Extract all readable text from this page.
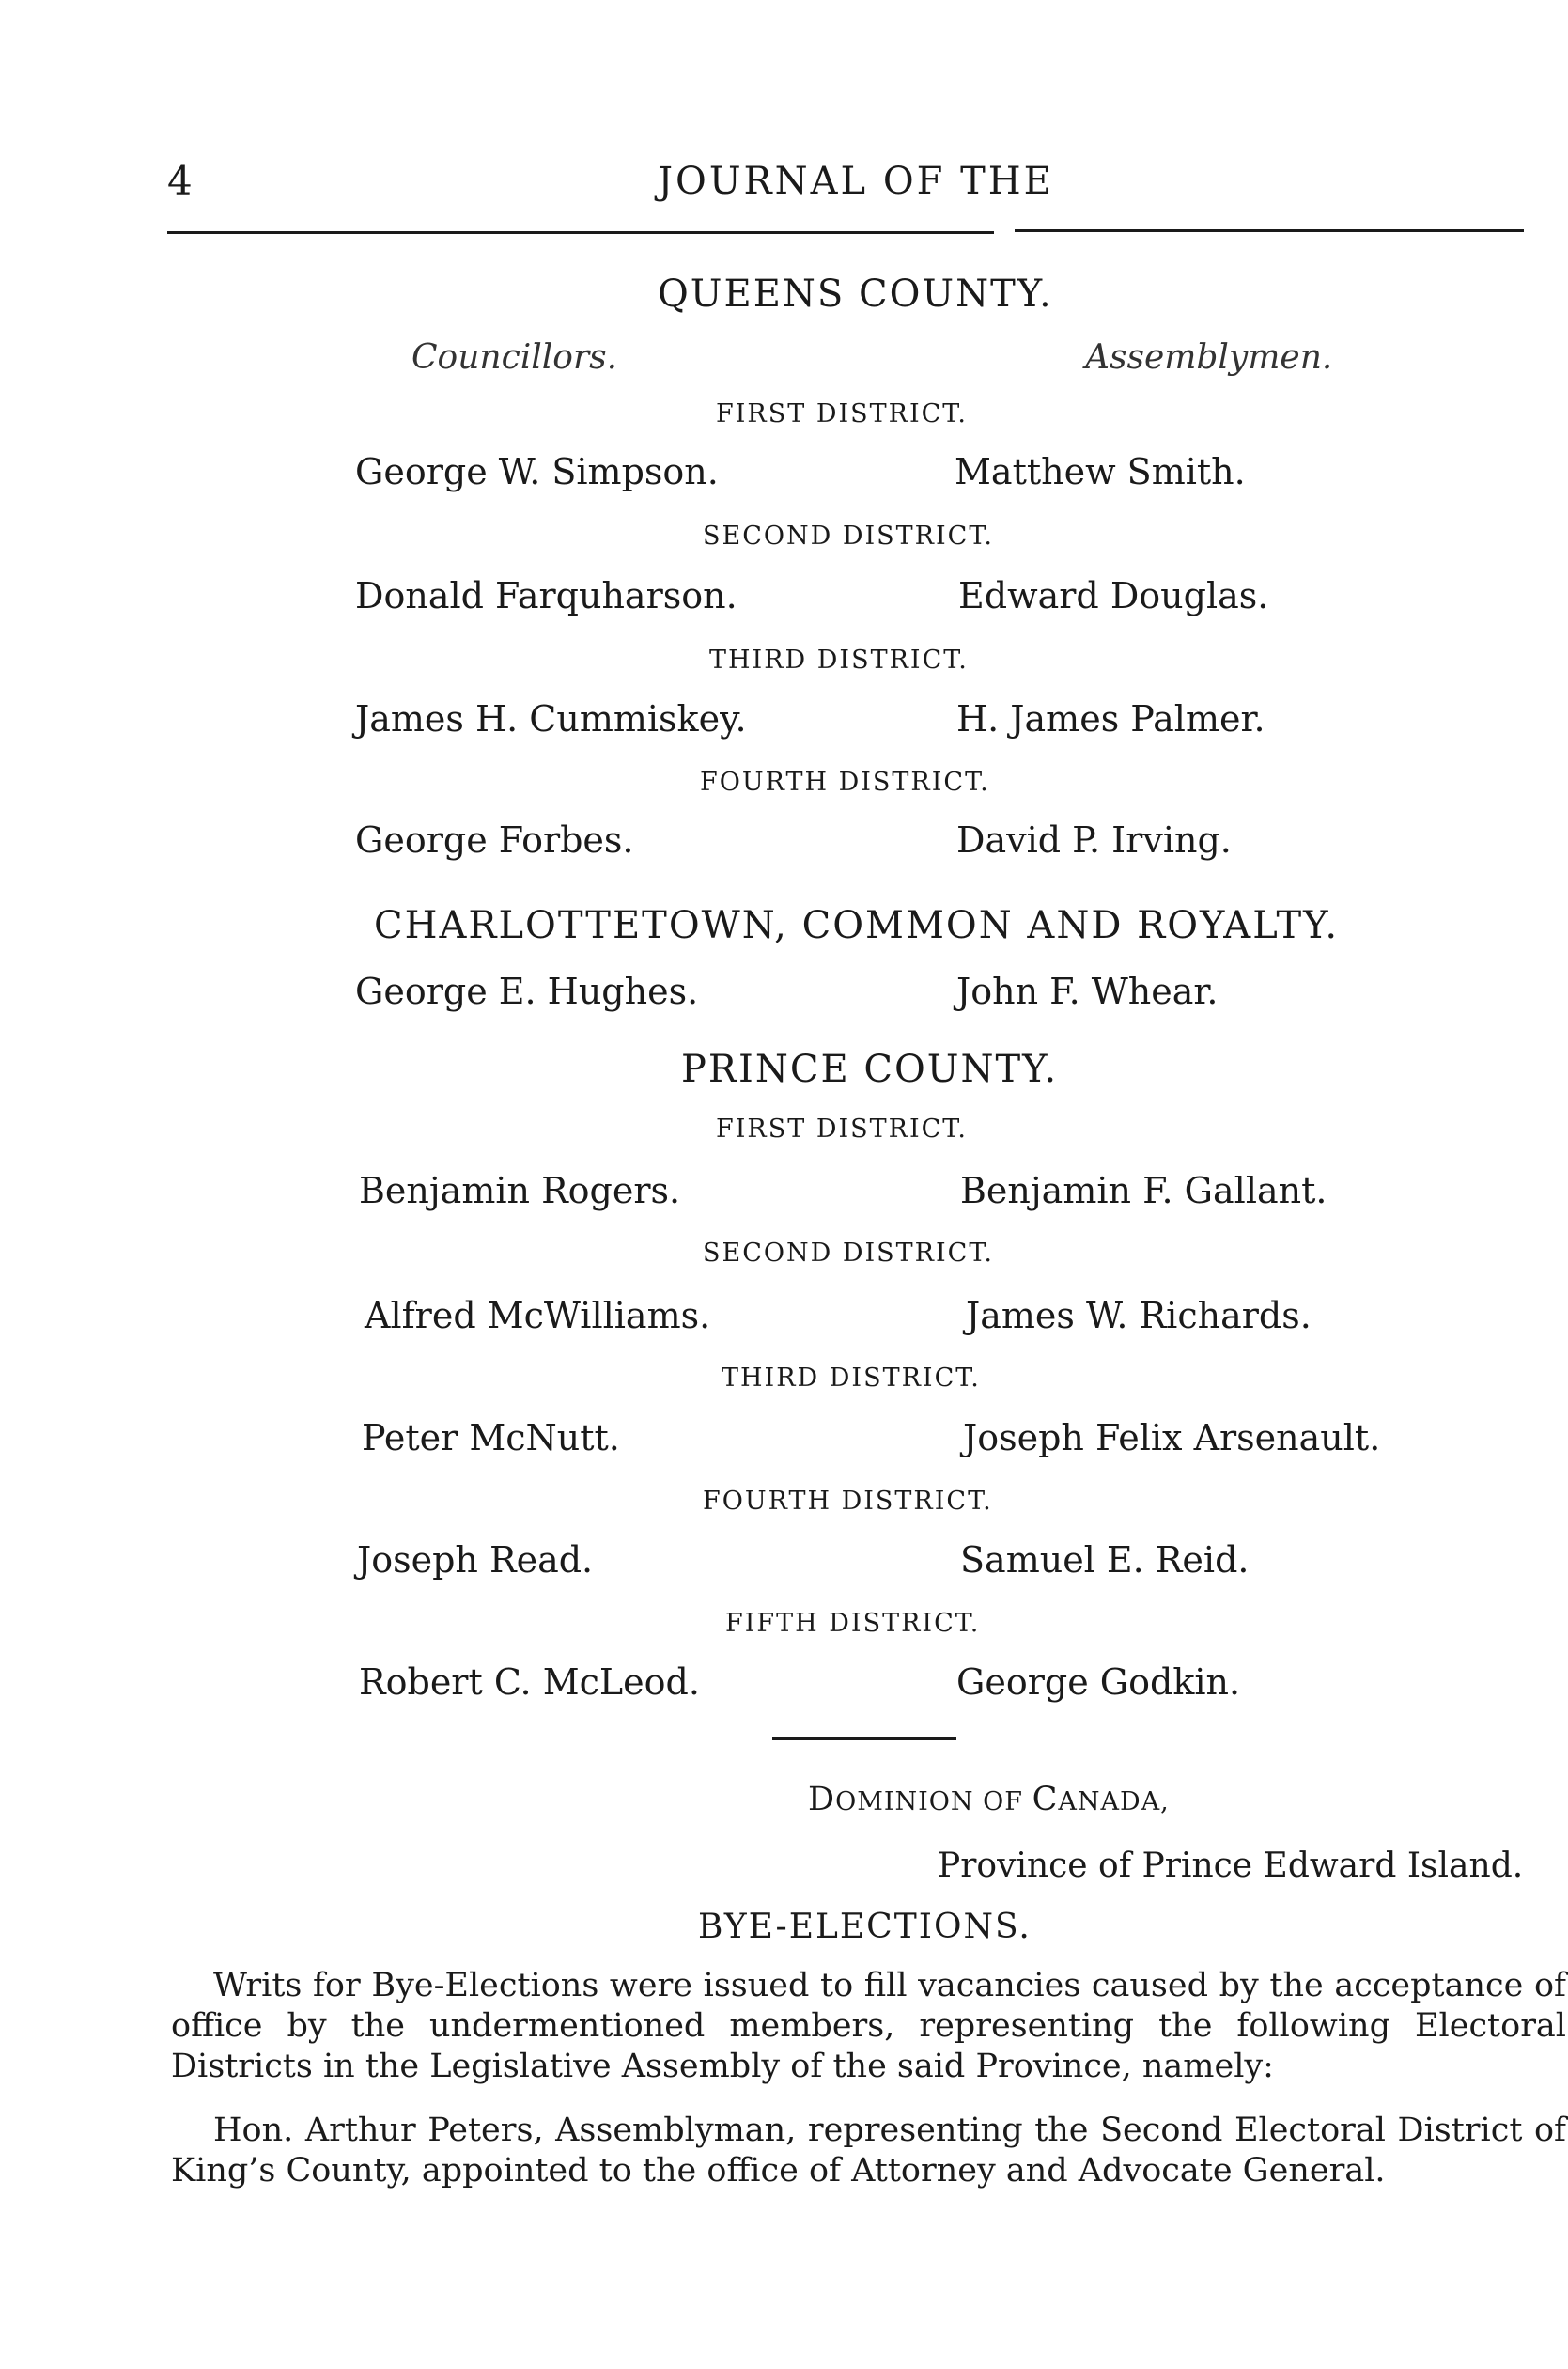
4	JOURNAL OF THE
QUEENS COUNTY.
Councillors.	Assemblymen.
FIRST DISTRICT.
George W. Simpson.	Matthew Smith.
SECOND DISTRICT.
Donald Farquharson.	Edward Douglas.
THIRD DISTRICT.
James H. Cummiskey.	H. James Palmer.
FOURTH DISTRICT.
George Forbes.	David P. Irving.
CHARLOTTETOWN, COMMON AND ROYALTY.
George E. Hughes.	John F. Whear.
PRINCE COUNTY.
FIRST DISTRICT.
Benjamin Rogers.	Benjamin F. Gallant.
SECOND DISTRICT.
Alfred McWilliams.	James W. Richards.
THIRD DISTRICT.
Peter McNutt.	Joseph Felix Arsenault.
FOURTH DISTRICT.
Joseph Read.	Samuel E. Reid.
FIFTH DISTRICT.
Robert C. McLeod.	George Godkin.
DOMINION OF CANADA,
Province of Prince Edward Island.
BYE-ELECTIONS.
Writs for Bye-Elections were issued to fill vacancies caused by the acceptance of office by the undermentioned members, representing the following Electoral Districts in the Legislative Assembly of the said Province, namely:
Hon. Arthur Peters, Assemblyman, representing the Second Electoral District of King’s County, appointed to the office of Attorney and Advocate General.
